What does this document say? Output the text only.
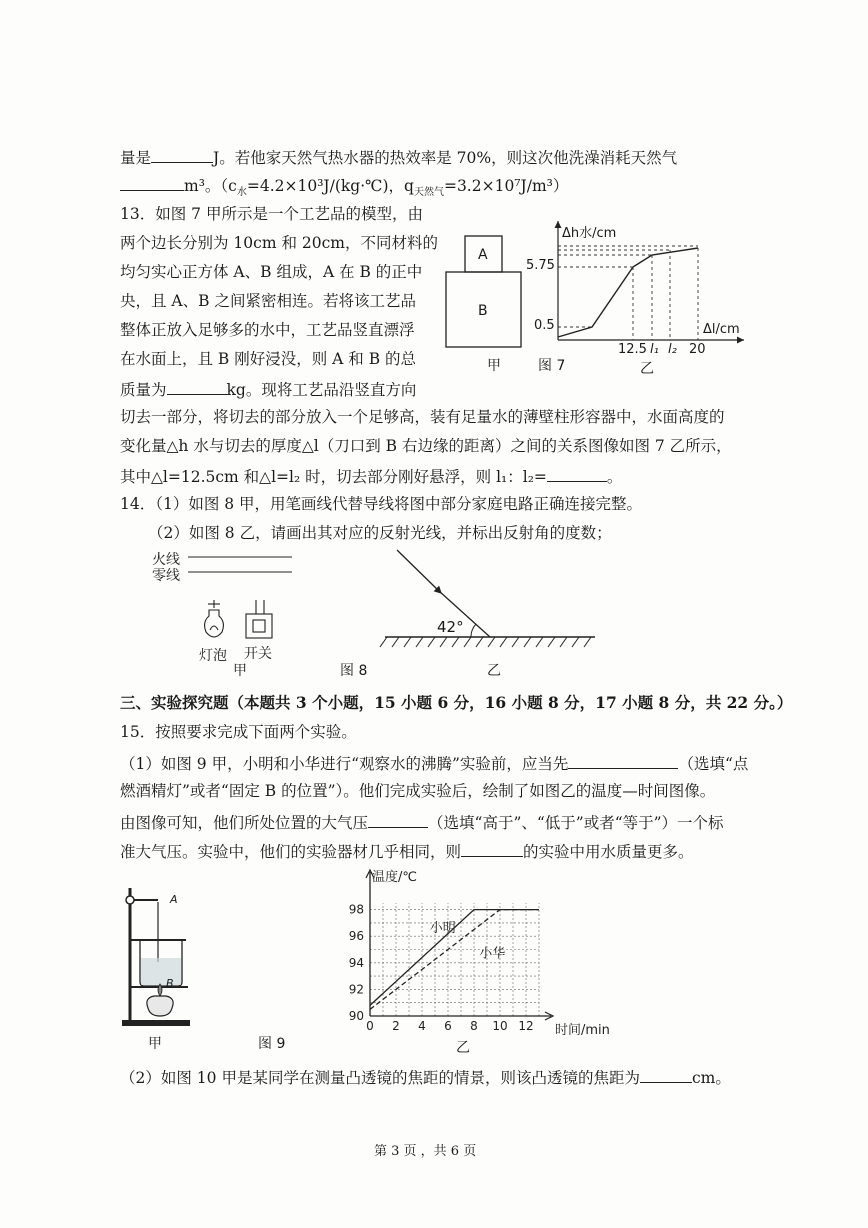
量是	J。若他家天然气热水器的热效率是 70%，则这次他洗澡消耗天然气
m³。（$c_水=4.2\times 10^3J/(kg\cdot℃)$，$q_{天然气}=3.2\times 10^7J/m^3$）
13．如图 7 甲所示是一个工艺品的模型，由
两个边长分别为 10cm 和 20cm，不同材料的
均匀实心正方体 A、B 组成，A 在 B 的正中
央，且 A、B 之间紧密相连。若将该工艺品
整体正放入足够多的水中，工艺品竖直漂浮
在水面上，且 B 刚好浸没，则 A 和 B 的总
质量为	kg。现将工艺品沿竖直方向
切去一部分，将切去的部分放入一个足够高，装有足量水的薄壁柱形容器中，水面高度的
变化量△h 水与切去的厚度△l（刀口到 B 右边缘的距离）之间的关系图像如图 7 乙所示，
其中△l=12.5cm 和△l=l₂ 时，切去部分刚好悬浮，则 l₁：l₂=	。
A
B
甲	图 7
Δh水/cm
Δl/cm
5.75
0.5
12.5 l₁ l₂ 20
乙
14．（1）如图 8 甲，用笔画线代替导线将图中部分家庭电路正确连接完整。
（2）如图 8 乙，请画出其对应的反射光线，并标出反射角的度数；
火线
零线
灯泡 开关
甲	图 8
42°
乙
三、实验探究题（本题共 3 个小题，15 小题 6 分，16 小题 8 分，17 小题 8 分，共 22 分。）
15．按照要求完成下面两个实验。
（1）如图 9 甲，小明和小华进行“观察水的沸腾”实验前，应当先	（选填“点
燃酒精灯”或者“固定 B 的位置”）。他们完成实验后，绘制了如图乙的温度—时间图像。
由图像可知，他们所处位置的大气压	（选填“高于”、“低于”或者“等于”）一个标
准大气压。实验中，他们的实验器材几乎相同，则	的实验中用水质量更多。
A
B
甲	图 9
0 2 4 6 8 10 12
90
92
94
96
98
温度/℃
时间/min
小明
小华
乙
（2）如图 10 甲是某同学在测量凸透镜的焦距的情景，则该凸透镜的焦距为	cm。
第 3 页 ，共 6 页
